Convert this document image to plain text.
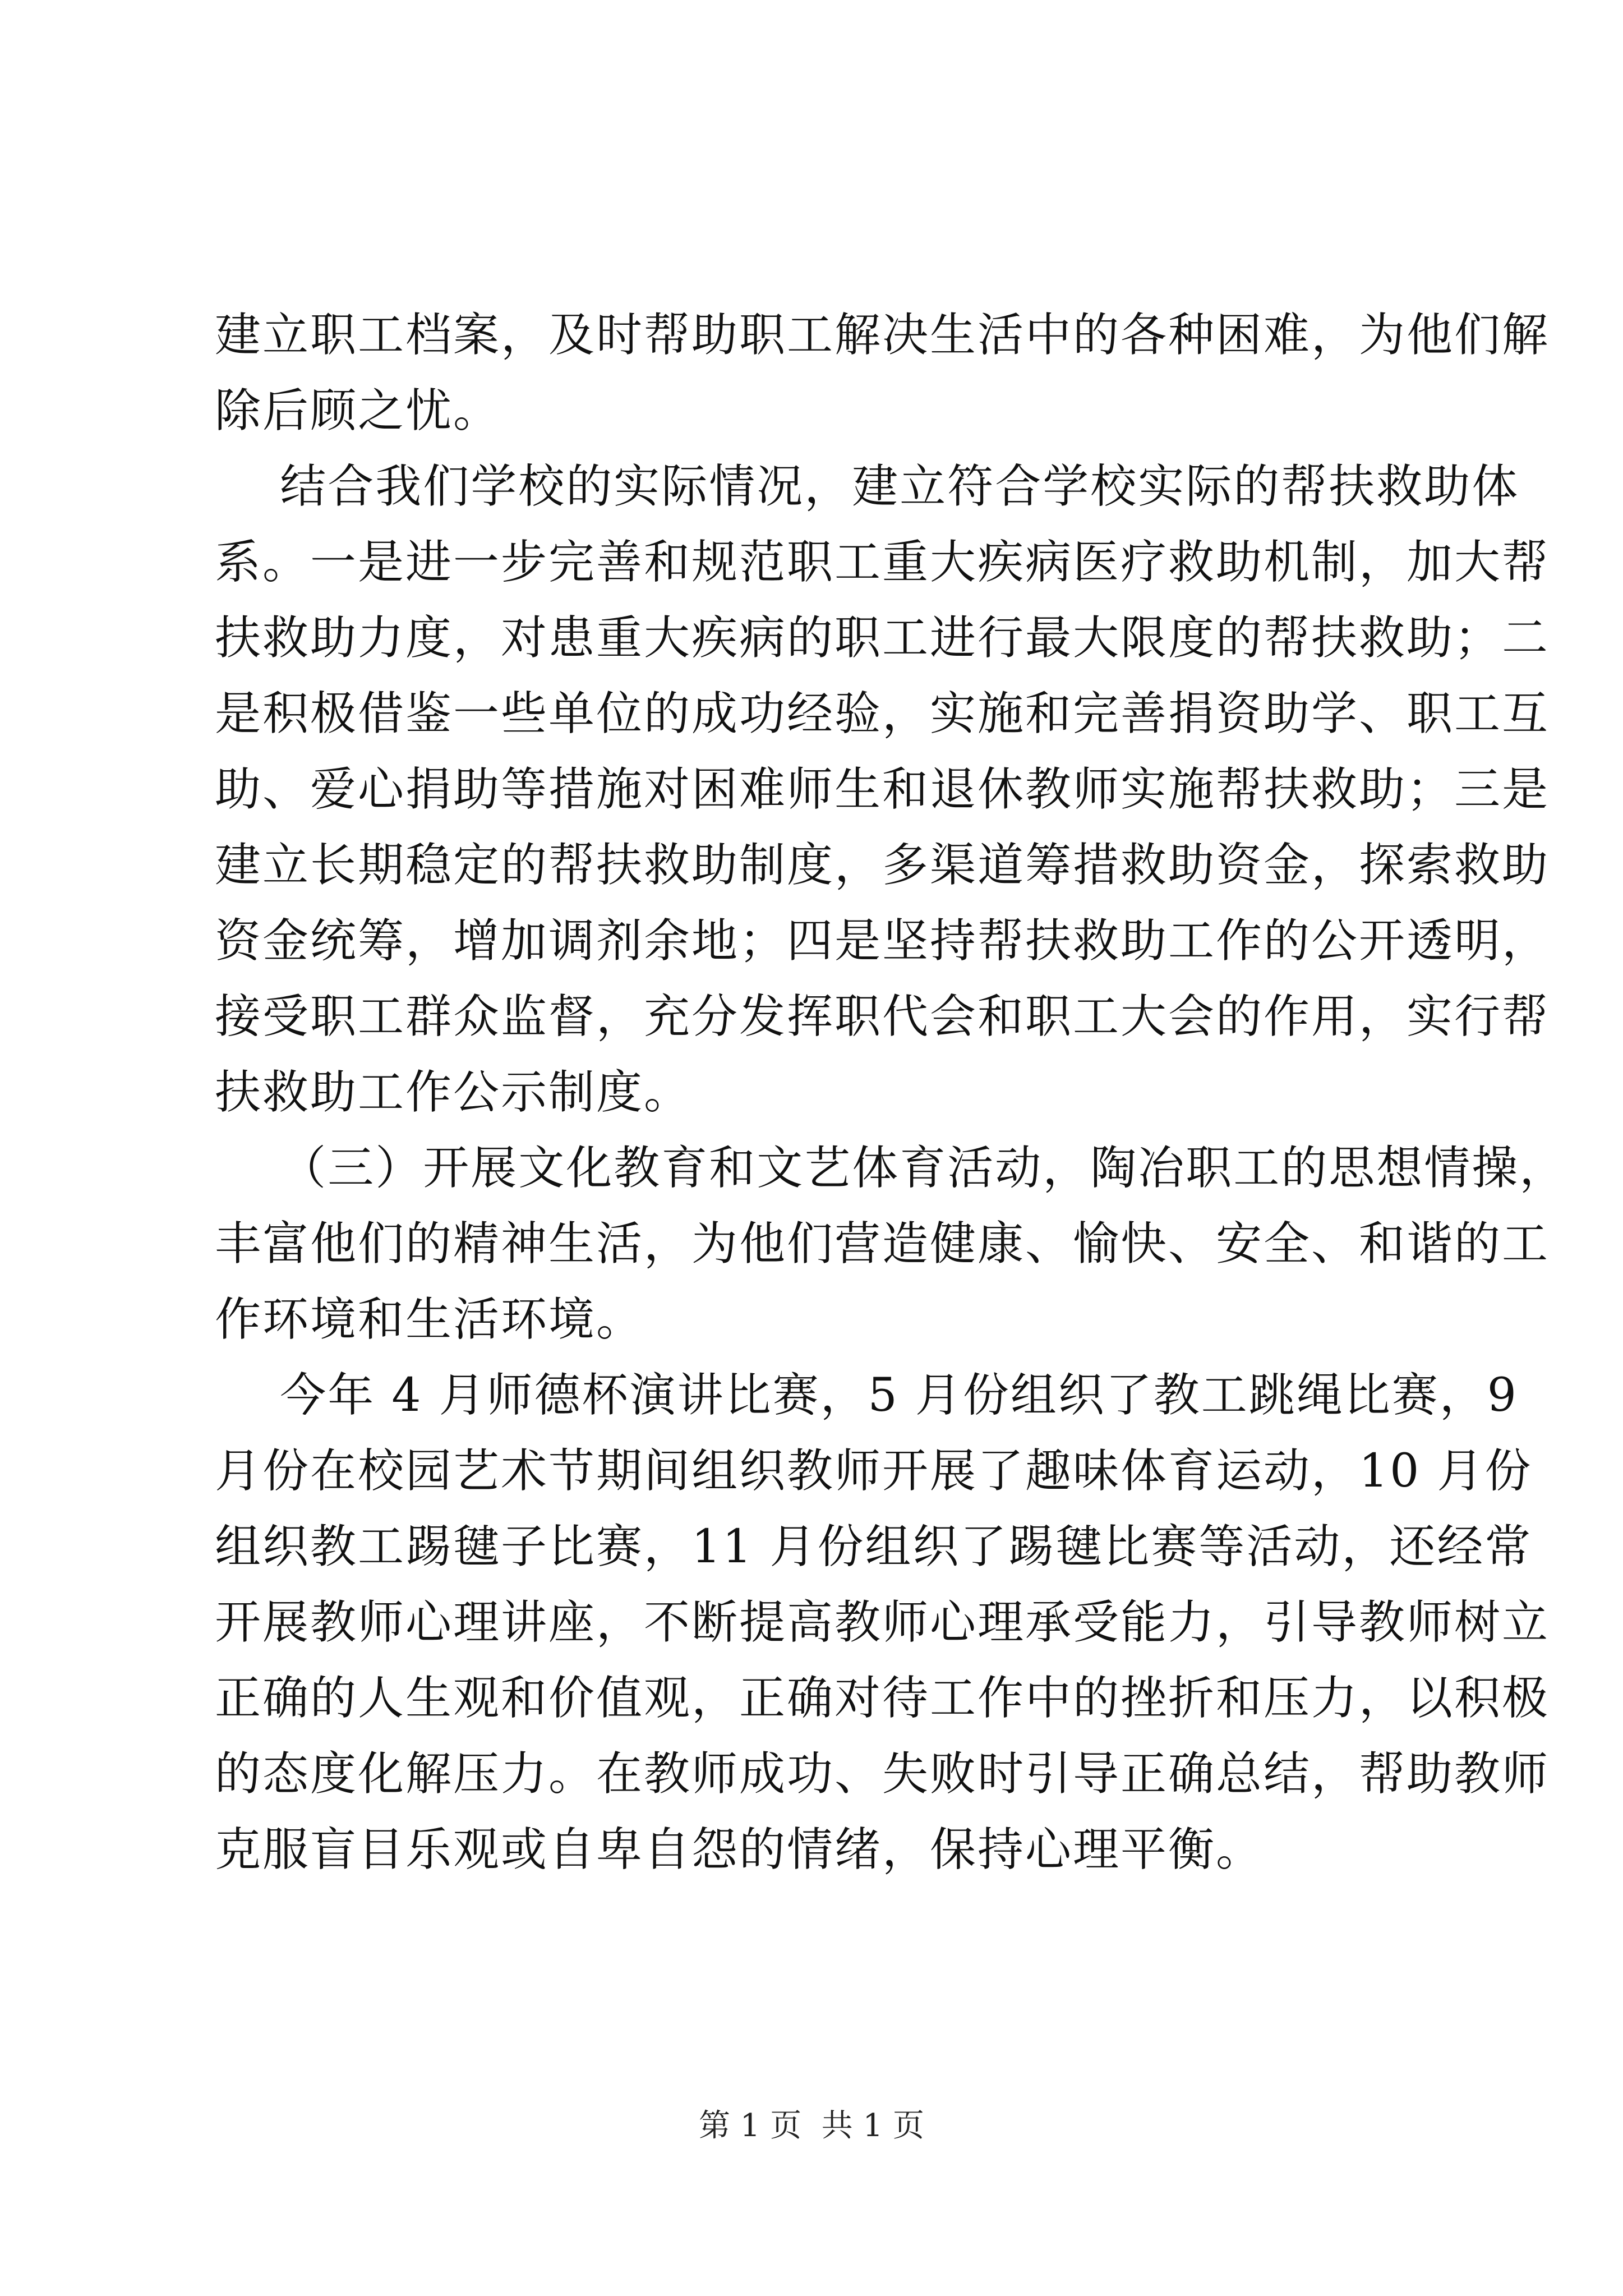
建立职工档案，及时帮助职工解决生活中的各种困难，为他们解
除后顾之忧。
结合我们学校的实际情况，建立符合学校实际的帮扶救助体
系。一是进一步完善和规范职工重大疾病医疗救助机制，加大帮
扶救助力度，对患重大疾病的职工进行最大限度的帮扶救助；二
是积极借鉴一些单位的成功经验，实施和完善捐资助学、职工互
助、爱心捐助等措施对困难师生和退休教师实施帮扶救助；三是
建立长期稳定的帮扶救助制度，多渠道筹措救助资金，探索救助
资金统筹，增加调剂余地；四是坚持帮扶救助工作的公开透明，
接受职工群众监督，充分发挥职代会和职工大会的作用，实行帮
扶救助工作公示制度。
（三）开展文化教育和文艺体育活动，陶冶职工的思想情操，
丰富他们的精神生活，为他们营造健康、愉快、安全、和谐的工
作环境和生活环境。
今年 4 月师德杯演讲比赛，5 月份组织了教工跳绳比赛，9
月份在校园艺术节期间组织教师开展了趣味体育运动，10 月份
组织教工踢毽子比赛，11 月份组织了踢毽比赛等活动，还经常
开展教师心理讲座，不断提高教师心理承受能力，引导教师树立
正确的人生观和价值观，正确对待工作中的挫折和压力，以积极
的态度化解压力。在教师成功、失败时引导正确总结，帮助教师
克服盲目乐观或自卑自怨的情绪，保持心理平衡。
第 1 页  共 1 页
